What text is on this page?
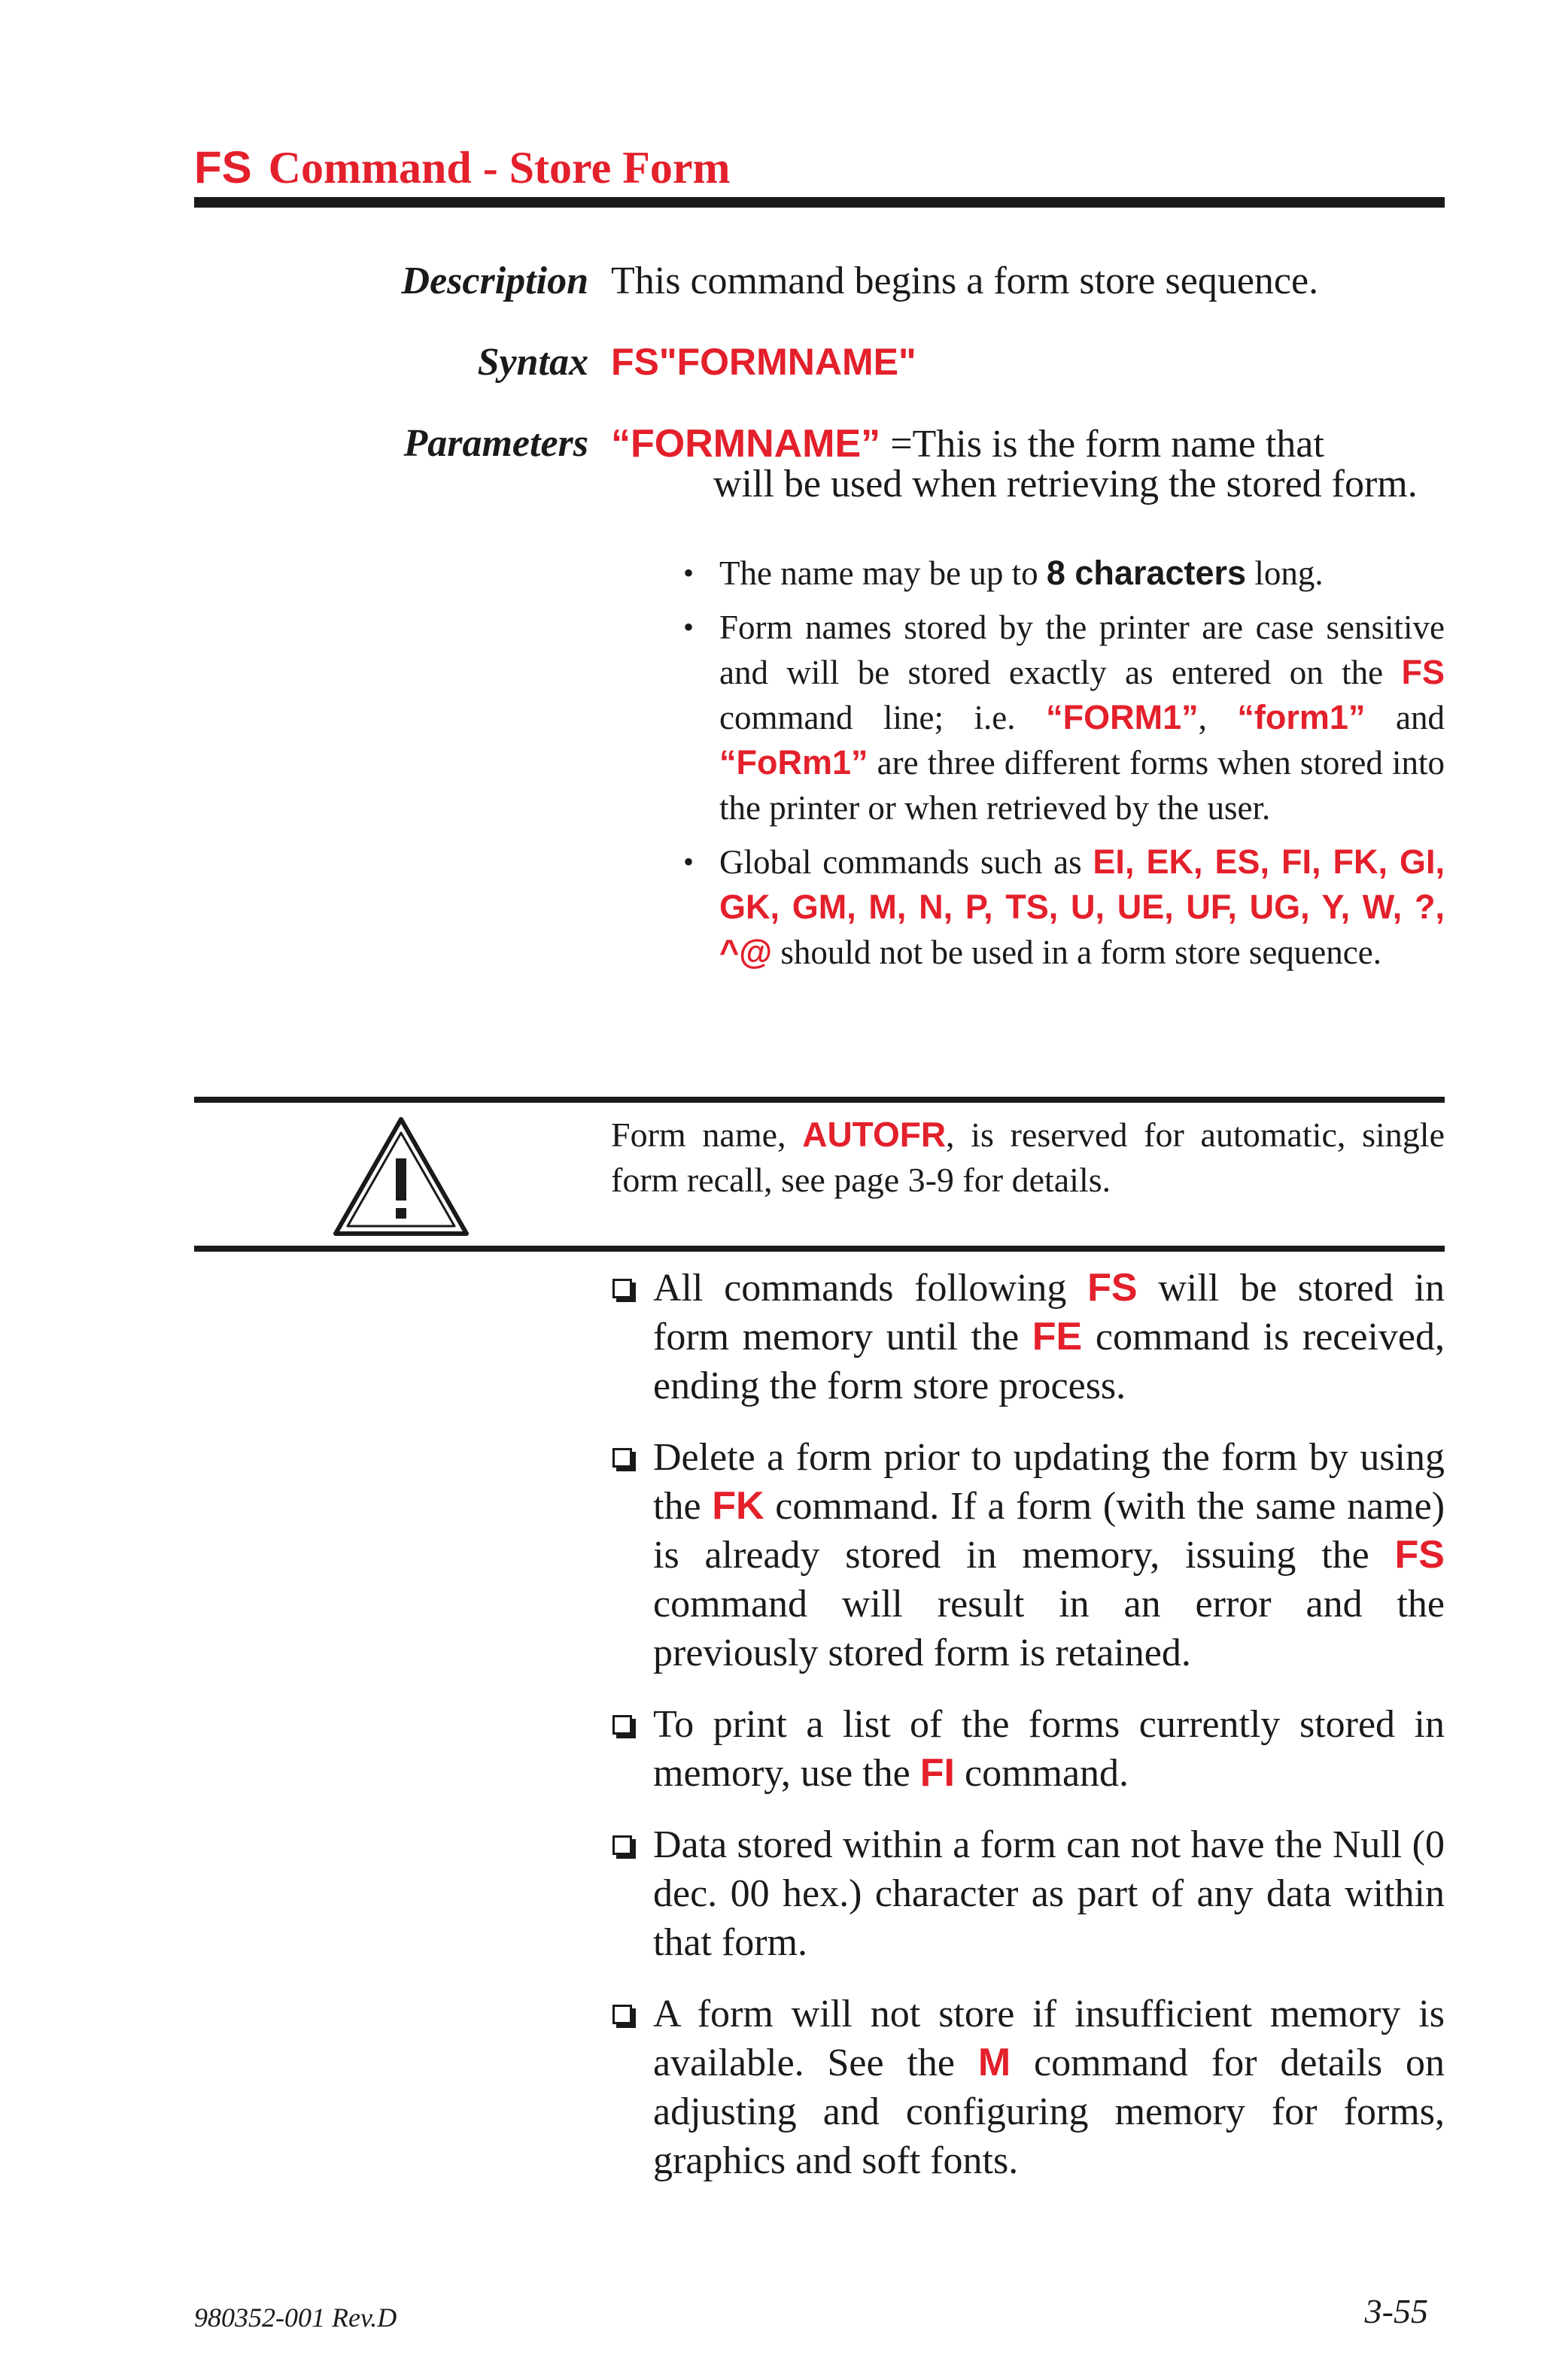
FS Command - Store Form
Description This command begins a form store sequence.
Syntax FS"FORMNAME"
Parameters “FORMNAME” =This is the form name that
will be used when retrieving the stored form.
• The name may be up to 8 characters long.
• Form names stored by the printer are case sensitive and will be stored exactly as entered on the FS command line; i.e. “FORM1”, “form1” and “FoRm1” are three different forms when stored into the printer or when retrieved by the user.
• Global commands such as EI, EK, ES, FI, FK, GI, GK, GM, M, N, P, TS, U, UE, UF, UG, Y, W, ?, ^@ should not be used in a form store sequence.
Form name, AUTOFR, is reserved for automatic, single form recall, see page 3-9 for details.
All commands following FS will be stored in form memory until the FE command is received, ending the form store process.
Delete a form prior to updating the form by using the FK command. If a form (with the same name) is already stored in memory, issuing the FS command will result in an error and the previously stored form is retained.
To print a list of the forms currently stored in memory, use the FI command.
Data stored within a form can not have the Null (0 dec. 00 hex.) character as part of any data within that form.
A form will not store if insufficient memory is available. See the M command for details on adjusting and configuring memory for forms, graphics and soft fonts.
980352-001 Rev.D	3-55
